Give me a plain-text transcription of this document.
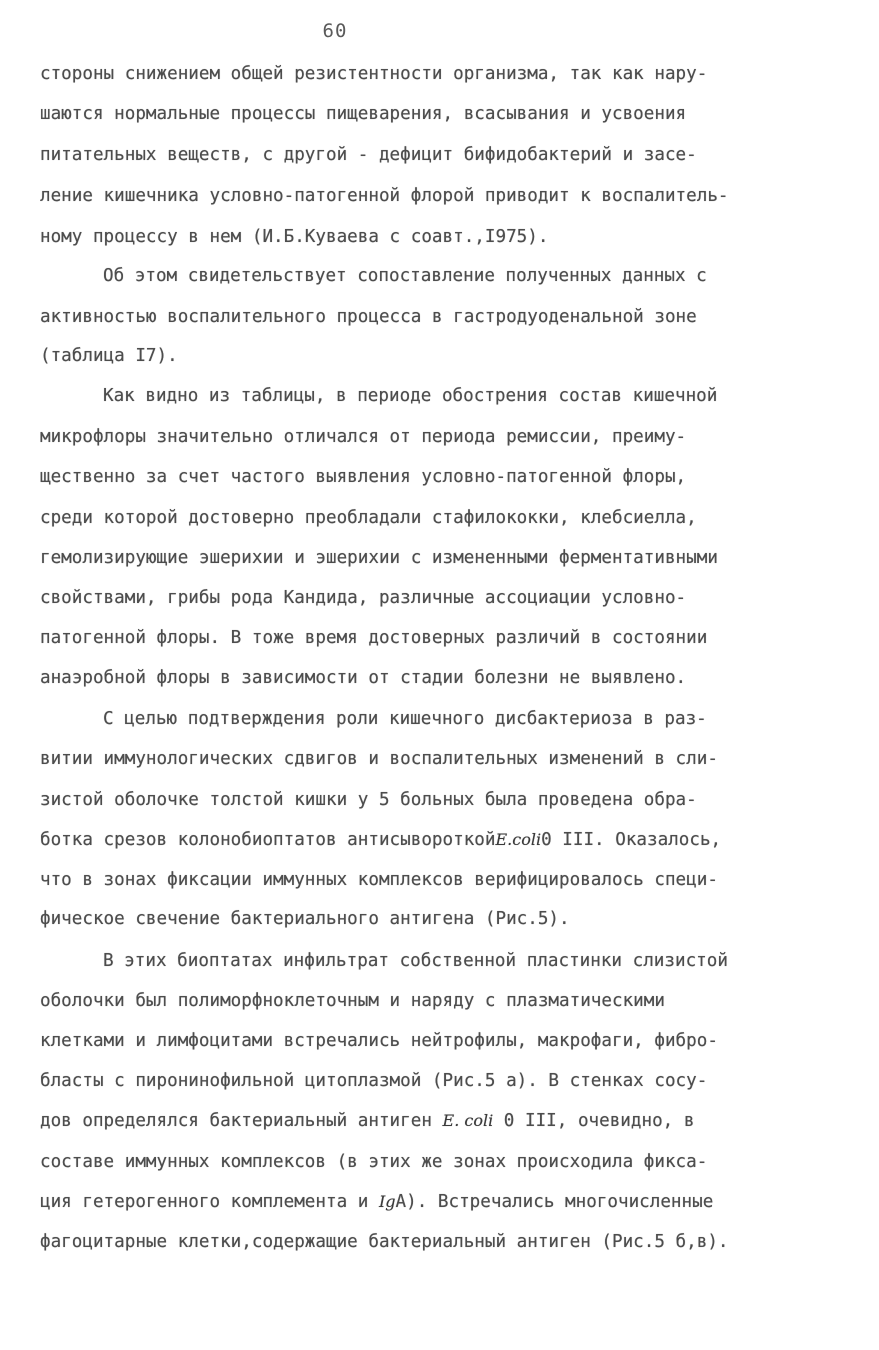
60
стороны снижением общей резистентности организма, так как нару-
шаются нормальные процессы пищеварения, всасывания и усвоения
питательных веществ, с другой - дефицит бифидобактерий и засе-
ление кишечника условно-патогенной флорой приводит к воспалитель-
ному процессу в нем (И.Б.Куваева с соавт.,I975).
Об этом свидетельствует сопоставление полученных данных с
активностью воспалительного процесса в гастродуоденальной зоне
(таблица I7).
Как видно из таблицы, в периоде обострения состав кишечной
микрофлоры значительно отличался от периода ремиссии, преиму-
щественно за счет частого выявления условно-патогенной флоры,
среди которой достоверно преобладали стафилококки, клебсиелла,
гемолизирующие эшерихии и эшерихии с измененными ферментативными
свойствами, грибы рода Кандида, различные ассоциации условно-
патогенной флоры. В тоже время достоверных различий в состоянии
анаэробной флоры в зависимости от стадии болезни не выявлено.
С целью подтверждения роли кишечного дисбактериоза в раз-
витии иммунологических сдвигов и воспалительных изменений в сли-
зистой оболочке толстой кишки у 5 больных была проведена обра-
ботка срезов колонобиоптатов антисывороткойE.coli0 III. Оказалось,
что в зонах фиксации иммунных комплексов верифицировалось специ-
фическое свечение бактериального антигена (Рис.5).
В этих биоптатах инфильтрат собственной пластинки слизистой
оболочки был полиморфноклеточным и наряду с плазматическими
клетками и лимфоцитами встречались нейтрофилы, макрофаги, фибро-
бласты с пиронинофильной цитоплазмой (Рис.5 а). В стенках сосу-
дов определялся бактериальный антиген E. coli 0 III, очевидно, в
составе иммунных комплексов (в этих же зонах происходила фикса-
ция гетерогенного комплемента и IgА). Встречались многочисленные
фагоцитарные клетки,содержащие бактериальный антиген (Рис.5 б,в).
